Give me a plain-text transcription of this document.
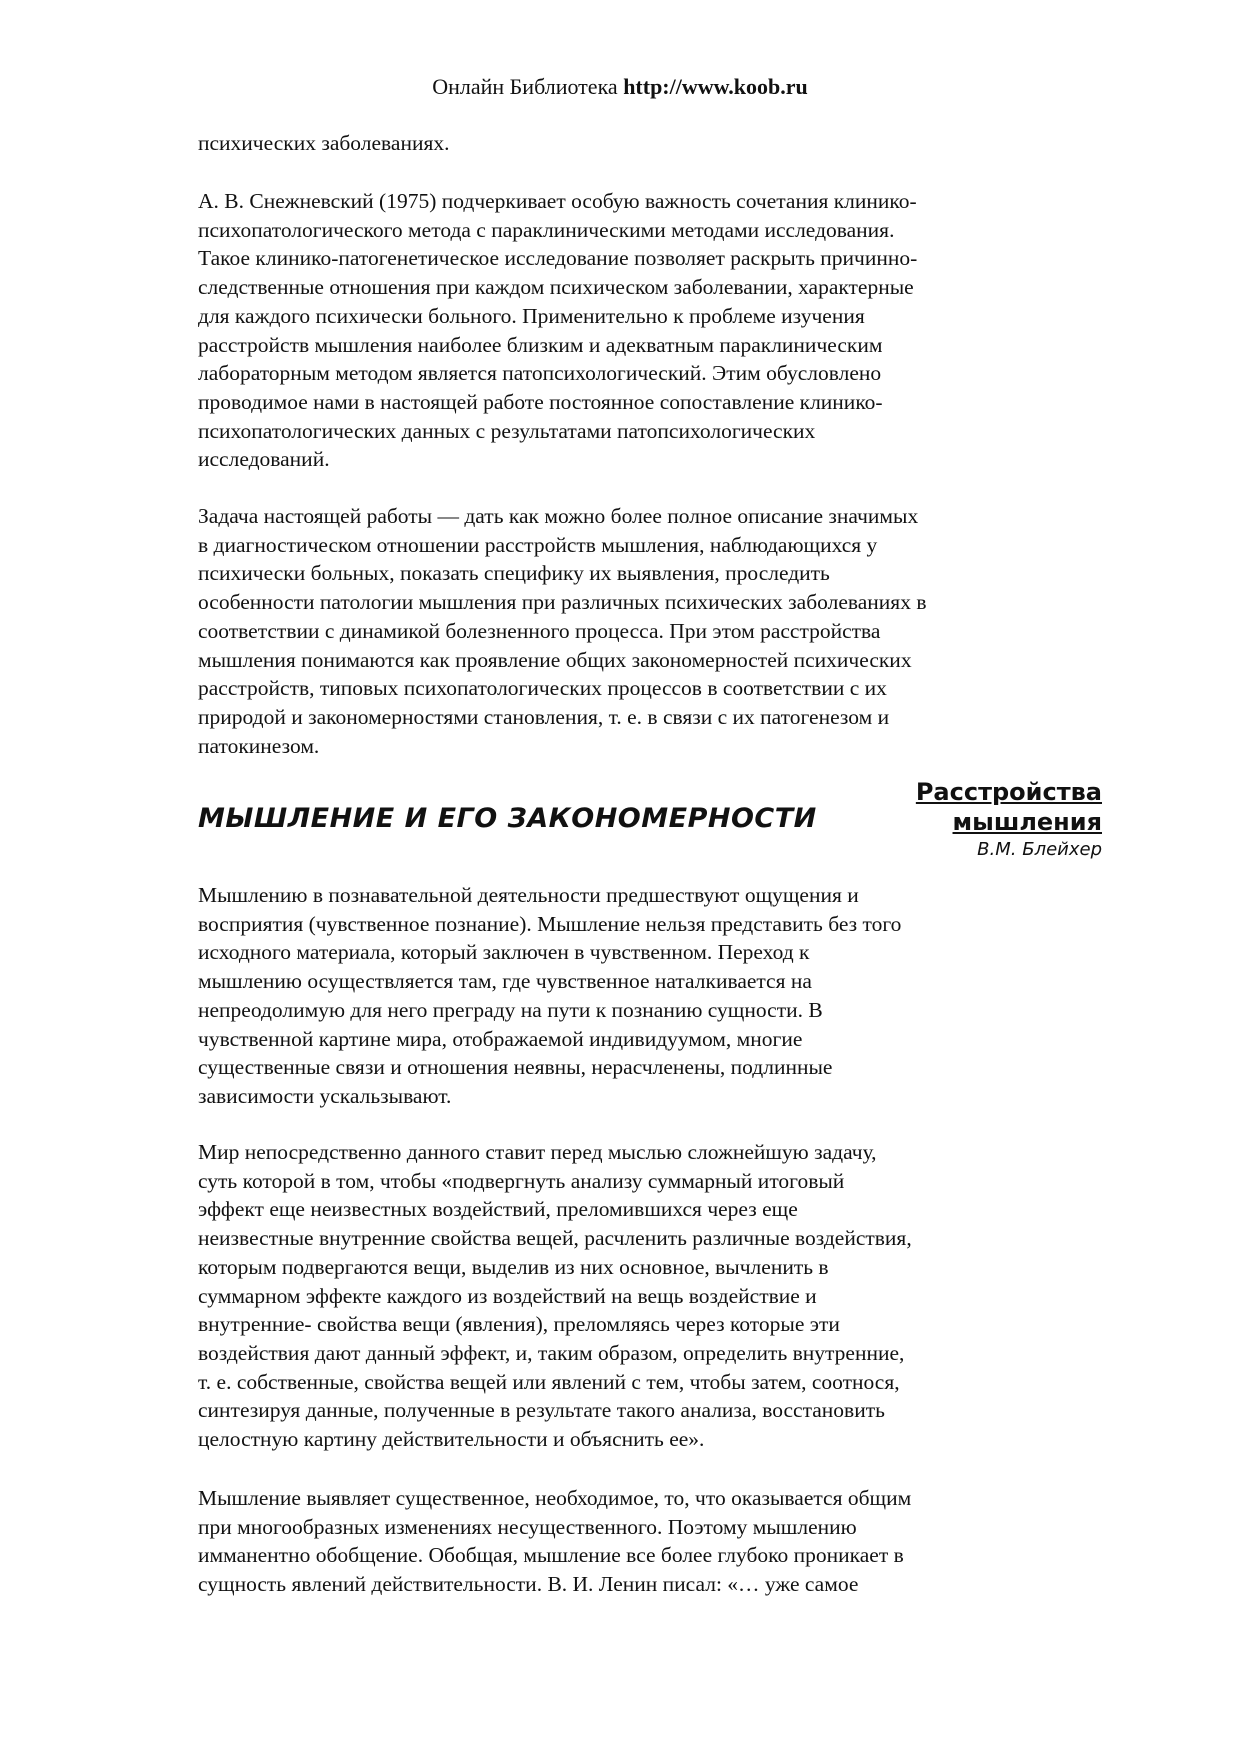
Онлайн Библиотека http://www.koob.ru
психических заболеваниях.
А. В. Снежневский (1975) подчеркивает особую важность сочетания клинико-
психопатологического метода с параклиническими методами исследования.
Такое клинико-патогенетическое исследование позволяет раскрыть причинно-
следственные отношения при каждом психическом заболевании, характерные
для каждого психически больного. Применительно к проблеме изучения
расстройств мышления наиболее близким и адекватным параклиническим
лабораторным методом является патопсихологический. Этим обусловлено
проводимое нами в настоящей работе постоянное сопоставление клинико-
психопатологических данных с результатами патопсихологических
исследований.
Задача настоящей работы — дать как можно более полное описание значимых
в диагностическом отношении расстройств мышления, наблюдающихся у
психически больных, показать специфику их выявления, проследить
особенности патологии мышления при различных психических заболеваниях в
соответствии с динамикой болезненного процесса. При этом расстройства
мышления понимаются как проявление общих закономерностей психических
расстройств, типовых психопатологических процессов в соответствии с их
природой и закономерностями становления, т. е. в связи с их патогенезом и
патокинезом.
МЫШЛЕНИЕ И ЕГО ЗАКОНОМЕРНОСТИ
Расстройства
мышления
В.М. Блейхер
Мышлению в познавательной деятельности предшествуют ощущения и
восприятия (чувственное познание). Мышление нельзя представить без того
исходного материала, который заключен в чувственном. Переход к
мышлению осуществляется там, где чувственное наталкивается на
непреодолимую для него преграду на пути к познанию сущности. В
чувственной картине мира, отображаемой индивидуумом, многие
существенные связи и отношения неявны, нерасчленены, подлинные
зависимости ускальзывают.
Мир непосредственно данного ставит перед мыслью сложнейшую задачу,
суть которой в том, чтобы «подвергнуть анализу суммарный итоговый
эффект еще неизвестных воздействий, преломившихся через еще
неизвестные внутренние свойства вещей, расчленить различные воздействия,
которым подвергаются вещи, выделив из них основное, вычленить в
суммарном эффекте каждого из воздействий на вещь воздействие и
внутренние- свойства вещи (явления), преломляясь через которые эти
воздействия дают данный эффект, и, таким образом, определить внутренние,
т. е. собственные, свойства вещей или явлений с тем, чтобы затем, соотнося,
синтезируя данные, полученные в результате такого анализа, восстановить
целостную картину действительности и объяснить ее».
Мышление выявляет существенное, необходимое, то, что оказывается общим
при многообразных изменениях несущественного. Поэтому мышлению
имманентно обобщение. Обобщая, мышление все более глубоко проникает в
сущность явлений действительности. В. И. Ленин писал: «… уже самое
